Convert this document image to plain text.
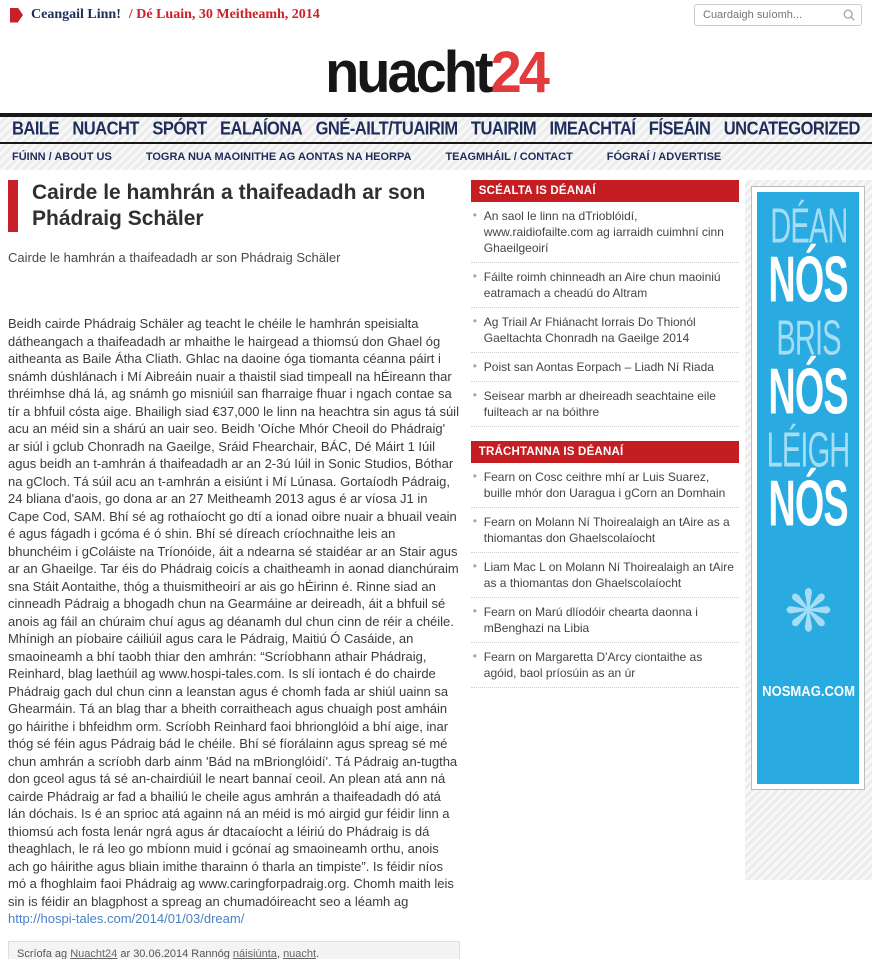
Ceangail Linn! / Dé Luain, 30 Meitheamh, 2014
Cuardaigh suíomh...
nuacht24
BAILE NUACHT SPÓRT EALAÍONA GNÉ-AILT/TUAIRIM TUAIRIM IMEACHTAÍ FÍSEÁIN UNCATEGORIZED
FÚINN / ABOUT US	TOGRA NUA MAOINITHE AG AONTAS NA HEORPA	TEAGMHÁIL / CONTACT	FÓGRAÍ / ADVERTISE
Cairde le hamhrán a thaifeadadh ar son Phádraig Schäler
Cairde le hamhrán a thaifeadadh ar son Phádraig Schäler

Beidh cairde Phádraig Schäler ag teacht le chéile le hamhrán speisialta dátheangach a thaifeadadh ar mhaithe le hairgead a thiomsú don Ghael óg aitheanta as Baile Átha Cliath. Ghlac na daoine óga tiomanta céanna páirt i snámh dúshlánach i Mí Aibreáin nuair a thaistil siad timpeall na hÉireann thar thréimhse dhá lá, ag snámh go misniúil san fharraige fhuar i ngach contae sa tír a bhfuil cósta aige. Bhailigh siad €37,000 le linn na heachtra sin agus tá súil acu an méid sin a shárú an uair seo. Beidh 'Oíche Mhór Cheoil do Phádraig' ar siúl i gclub Chonradh na Gaeilge, Sráid Fhearchair, BÁC, Dé Máirt 1 Iúil agus beidh an t-amhrán á thaifeadadh ar an 2-3ú Iúil in Sonic Studios, Bóthar na gCloch. Tá súil acu an t-amhrán a eisiúnt i Mí Lúnasa. Gortaíodh Pádraig, 24 bliana d'aois, go dona ar an 27 Meitheamh 2013 agus é ar víosa J1 in Cape Cod, SAM. Bhí sé ag rothaíocht go dtí a ionad oibre nuair a bhuail veain é agus fágadh i gcóma é ó shin. Bhí sé díreach críochnaithe leis an bhunchéim i gColáiste na Tríonóide, áit a ndearna sé staidéar ar an Stair agus ar an Ghaeilge. Tar éis do Phádraig coicís a chaitheamh in aonad dianchúraim sna Stáit Aontaithe, thóg a thuismitheoirí ar ais go hÉirinn é. Rinne siad an cinneadh Pádraig a bhogadh chun na Gearmáine ar deireadh, áit a bhfuil sé anois ag fáil an chúraim chuí agus ag déanamh dul chun cinn de réir a chéile. Mhínigh an píobaire cáiliúil agus cara le Pádraig, Maitiú Ó Casáide, an smaoineamh a bhí taobh thiar den amhrán: “Scríobhann athair Phádraig, Reinhard, blag laethúil ag www.hospi-tales.com. Is slí iontach é do chairde Phádraig gach dul chun cinn a leanstan agus é chomh fada ar shiúl uainn sa Ghearmáin. Tá an blag thar a bheith corraitheach agus chuaigh post amháin go háirithe i bhfeidhm orm. Scríobh Reinhard faoi bhrionglóid a bhí aige, inar thóg sé féin agus Pádraig bád le chéile. Bhí sé fíorálainn agus spreag sé mé chun amhrán a scríobh darb ainm 'Bád na mBrionglóidí'. Tá Pádraig an-tugtha don gceol agus tá sé an-chairdiúil le neart bannaí ceoil. An plean atá ann ná cairde Phádraig ar fad a bhailiú le cheile agus amhrán a thaifeadadh dó atá lán dóchais. Is é an sprioc atá againn ná an méid is mó airgid gur féidir linn a thiomsú ach fosta lenár ngrá agus ár dtacaíocht a léiriú do Phádraig is dá theaghlach, le rá leo go mbíonn muid i gcónaí ag smaoineamh orthu, anois ach go háirithe agus bliain imithe tharainn ó tharla an timpiste”. Is féidir níos mó a fhoghlaim faoi Phádraig ag www.caringforpadraig.org. Chomh maith leis sin is féidir an blagphost a spreag an chumadóireacht seo a léamh ag http://hospi-tales.com/2014/01/03/dream/

Scríofa ag Nuacht24 ar 30.06.2014 Rannóg náisiúnta, nuacht.
SCÉALTA IS DÉANAÍ
• An saol le linn na dTrioblóidí, www.raidiofailte.com ag iarraidh cuimhní cinn Ghaeilgeoirí
• Fáilte roimh chinneadh an Aire chun maoiniú eatramach a cheadú do Altram
• Ag Triail Ar Fhiánacht Iorrais Do Thionól Gaeltachta Chonradh na Gaeilge 2014
• Poist san Aontas Eorpach – Liadh Ní Riada
• Seisear marbh ar dheireadh seachtaine eile fuilteach ar na bóithre
TRÁCHTANNA IS DÉANAÍ
• Fearn on Cosc ceithre mhí ar Luis Suarez, buille mhór don Uaragua i gCorn an Domhain
• Fearn on Molann Ní Thoirealaigh an tAire as a thiomantas don Ghaelscolaíocht
• Liam Mac L on Molann Ní Thoirealaigh an tAire as a thiomantas don Ghaelscolaíocht
• Fearn on Marú dlíodóir chearta daonna i mBenghazi na Libia
• Fearn on Margaretta D'Arcy ciontaithe as agóid, baol príosúin as an úr
DÉAN
NÓS
BRIS
NÓS
LÉIGH
NÓS
❋
NOSMAG.COM
